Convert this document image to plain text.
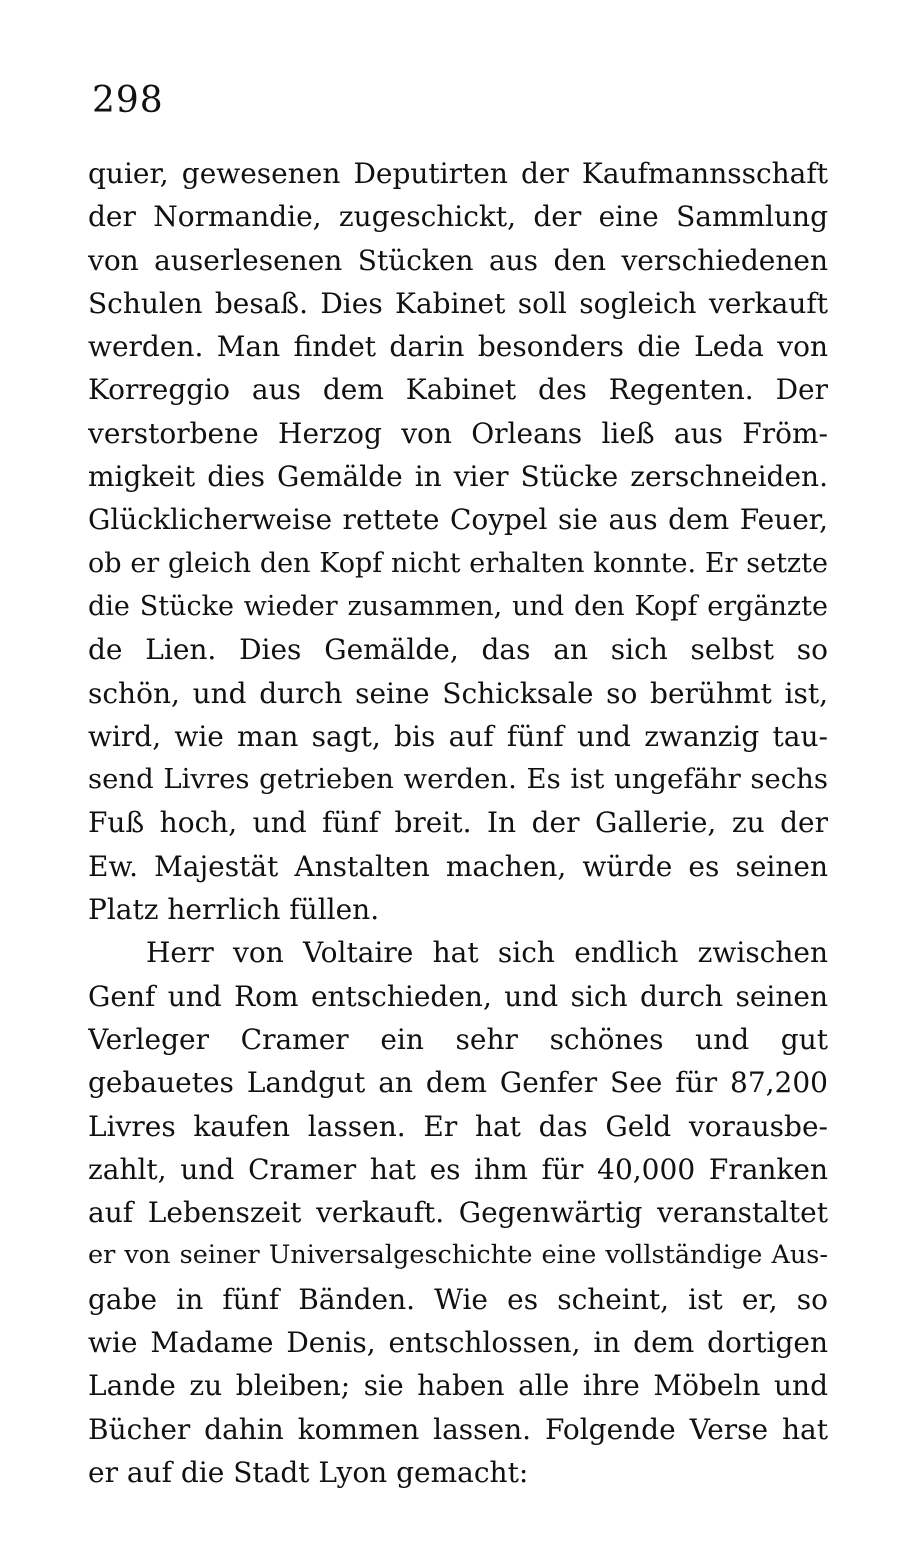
298
quier, gewesenen Deputirten der Kaufmannsschaft
der Normandie, zugeschickt, der eine Sammlung
von auserlesenen Stücken aus den verschiedenen
Schulen besaß. Dies Kabinet soll sogleich verkauft
werden. Man findet darin besonders die Leda von
Korreggio aus dem Kabinet des Regenten. Der
verstorbene Herzog von Orleans ließ aus Fröm-
migkeit dies Gemälde in vier Stücke zerschneiden.
Glücklicherweise rettete Coypel sie aus dem Feuer,
ob er gleich den Kopf nicht erhalten konnte. Er setzte
die Stücke wieder zusammen, und den Kopf ergänzte
de Lien. Dies Gemälde, das an sich selbst so
schön, und durch seine Schicksale so berühmt ist,
wird, wie man sagt, bis auf fünf und zwanzig tau-
send Livres getrieben werden. Es ist ungefähr sechs
Fuß hoch, und fünf breit. In der Gallerie, zu der
Ew. Majestät Anstalten machen, würde es seinen
Platz herrlich füllen.
Herr von Voltaire hat sich endlich zwischen
Genf und Rom entschieden, und sich durch seinen
Verleger Cramer ein sehr schönes und gut
gebauetes Landgut an dem Genfer See für 87,200
Livres kaufen lassen. Er hat das Geld vorausbe-
zahlt, und Cramer hat es ihm für 40,000 Franken
auf Lebenszeit verkauft. Gegenwärtig veranstaltet
er von seiner Universalgeschichte eine vollständige Aus-
gabe in fünf Bänden. Wie es scheint, ist er, so
wie Madame Denis, entschlossen, in dem dortigen
Lande zu bleiben; sie haben alle ihre Möbeln und
Bücher dahin kommen lassen. Folgende Verse hat
er auf die Stadt Lyon gemacht:
